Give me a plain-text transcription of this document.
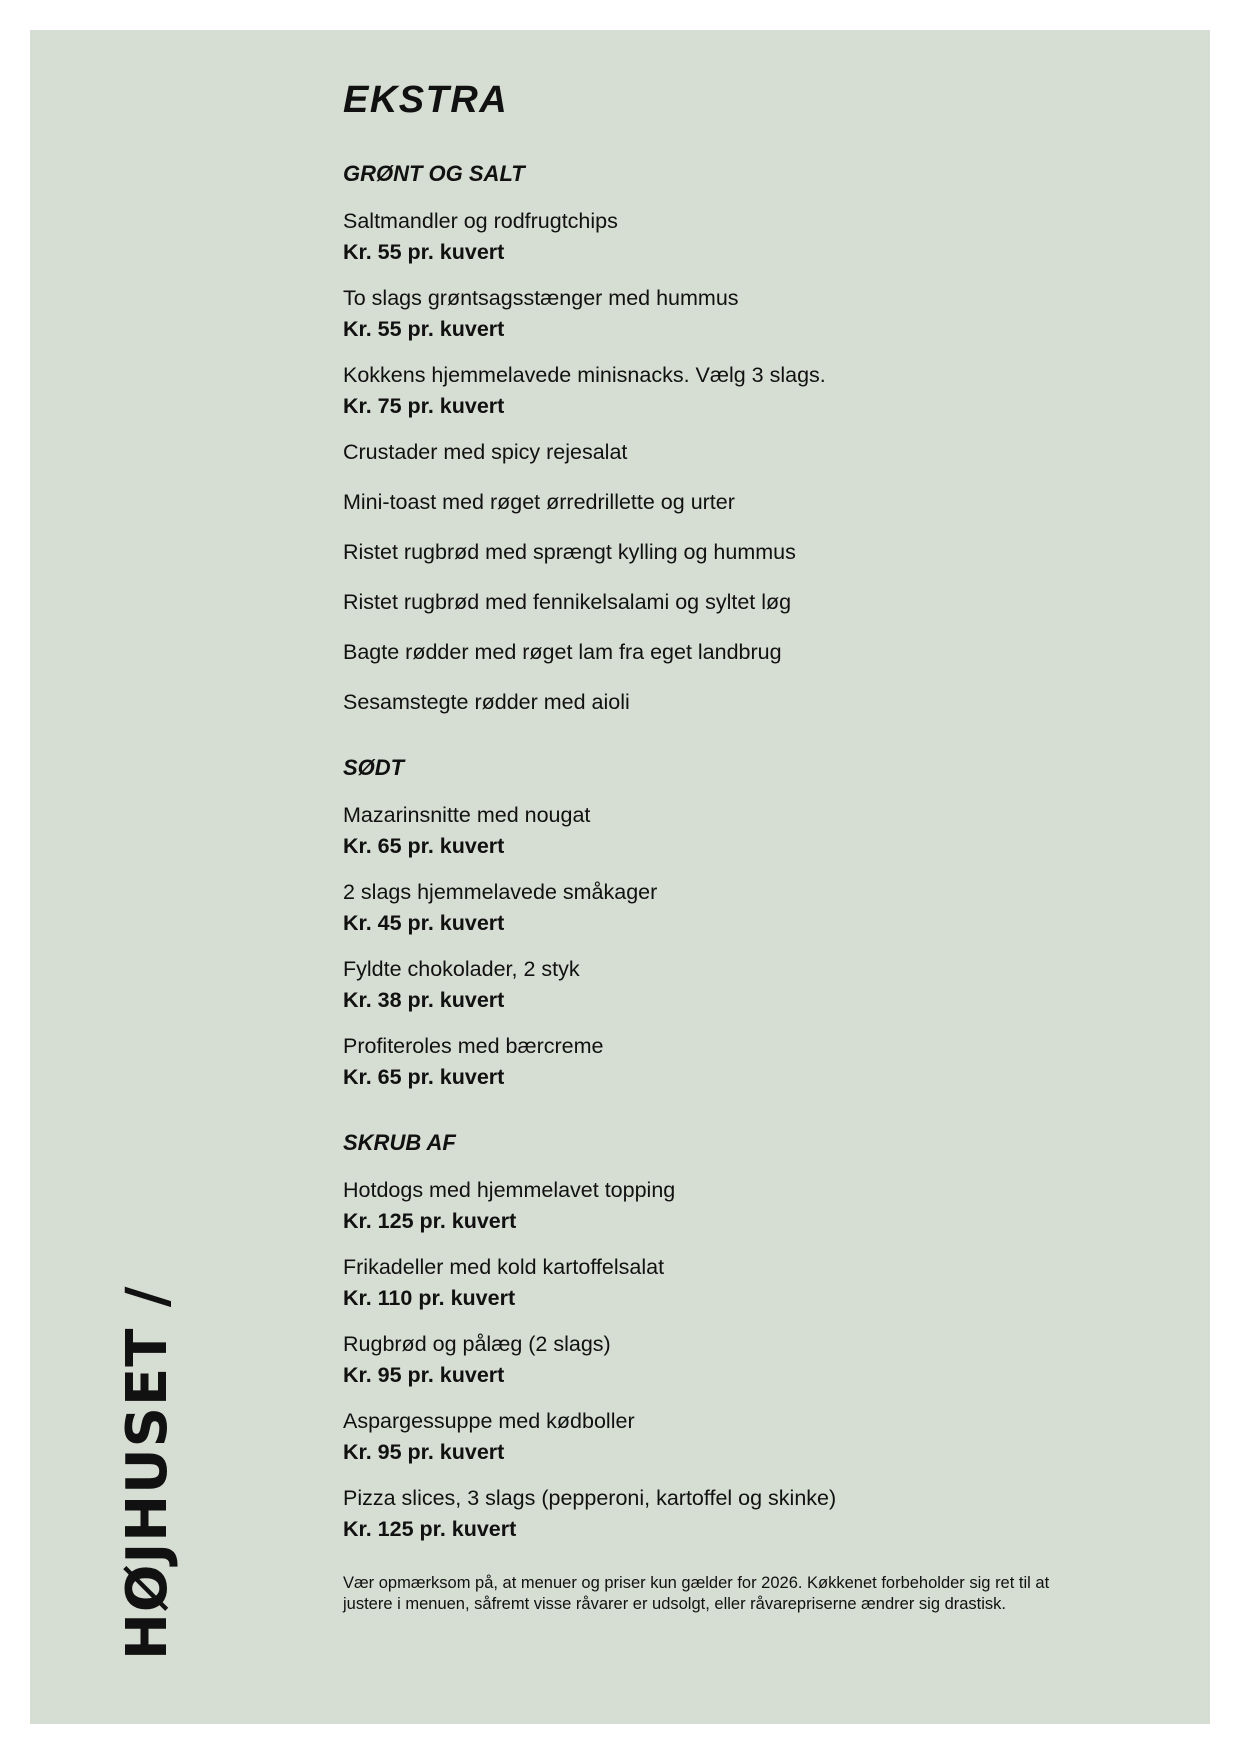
HØJHUSET /
EKSTRA
GRØNT OG SALT
Saltmandler og rodfrugtchips
Kr. 55 pr. kuvert
To slags grøntsagsstænger med hummus
Kr. 55 pr. kuvert
Kokkens hjemmelavede minisnacks. Vælg 3 slags.
Kr. 75 pr. kuvert
Crustader med spicy rejesalat
Mini-toast med røget ørredrillette og urter
Ristet rugbrød med sprængt kylling og hummus
Ristet rugbrød med fennikelsalami og syltet løg
Bagte rødder med røget lam fra eget landbrug
Sesamstegte rødder med aioli
SØDT
Mazarinsnitte med nougat
Kr. 65 pr. kuvert
2 slags hjemmelavede småkager
Kr. 45 pr. kuvert
Fyldte chokolader, 2 styk
Kr. 38 pr. kuvert
Profiteroles med bærcreme
Kr. 65 pr. kuvert
SKRUB AF
Hotdogs med hjemmelavet topping
Kr. 125 pr. kuvert
Frikadeller med kold kartoffelsalat
Kr. 110 pr. kuvert
Rugbrød og pålæg (2 slags)
Kr. 95 pr. kuvert
Aspargessuppe med kødboller
Kr. 95 pr. kuvert
Pizza slices, 3 slags (pepperoni, kartoffel og skinke)
Kr. 125 pr. kuvert

Vær opmærksom på, at menuer og priser kun gælder for 2026. Køkkenet forbeholder sig ret til at justere i menuen, såfremt visse råvarer er udsolgt, eller råvarepriserne ændrer sig drastisk.
